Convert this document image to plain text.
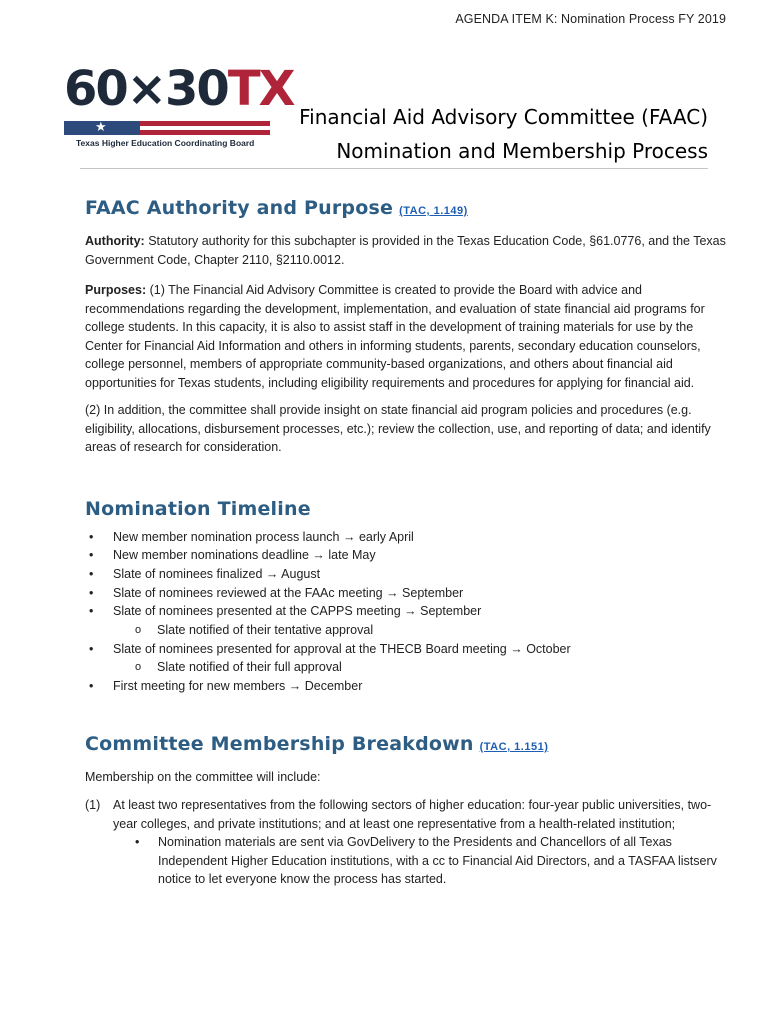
AGENDA ITEM K: Nomination Process FY 2019
60×30TX
★
Texas Higher Education Coordinating Board
Financial Aid Advisory Committee (FAAC)
Nomination and Membership Process
FAAC Authority and Purpose (TAC, 1.149)

Authority: Statutory authority for this subchapter is provided in the Texas Education Code, §61.0776, and the Texas Government Code, Chapter 2110, §2110.0012.

Purposes: (1) The Financial Aid Advisory Committee is created to provide the Board with advice and recommendations regarding the development, implementation, and evaluation of state financial aid programs for college students. In this capacity, it is also to assist staff in the development of training materials for use by the Center for Financial Aid Information and others in informing students, parents, secondary education counselors, college personnel, members of appropriate community-based organizations, and others about financial aid opportunities for Texas students, including eligibility requirements and procedures for applying for financial aid.

(2) In addition, the committee shall provide insight on state financial aid program policies and procedures (e.g. eligibility, allocations, disbursement processes, etc.); review the collection, use, and reporting of data; and identify areas of research for consideration.

Nomination Timeline
• New member nomination process launch → early April
• New member nominations deadline → late May
• Slate of nominees finalized → August
• Slate of nominees reviewed at the FAAc meeting → September
• Slate of nominees presented at the CAPPS meeting → September
o Slate notified of their tentative approval
• Slate of nominees presented for approval at the THECB Board meeting → October
o Slate notified of their full approval
• First meeting for new members → December
Committee Membership Breakdown (TAC, 1.151)

Membership on the committee will include:

(1) At least two representatives from the following sectors of higher education: four-year public universities, two-year colleges, and private institutions; and at least one representative from a health-related institution;
• Nomination materials are sent via GovDelivery to the Presidents and Chancellors of all Texas Independent Higher Education institutions, with a cc to Financial Aid Directors, and a TASFAA listserv notice to let everyone know the process has started.
